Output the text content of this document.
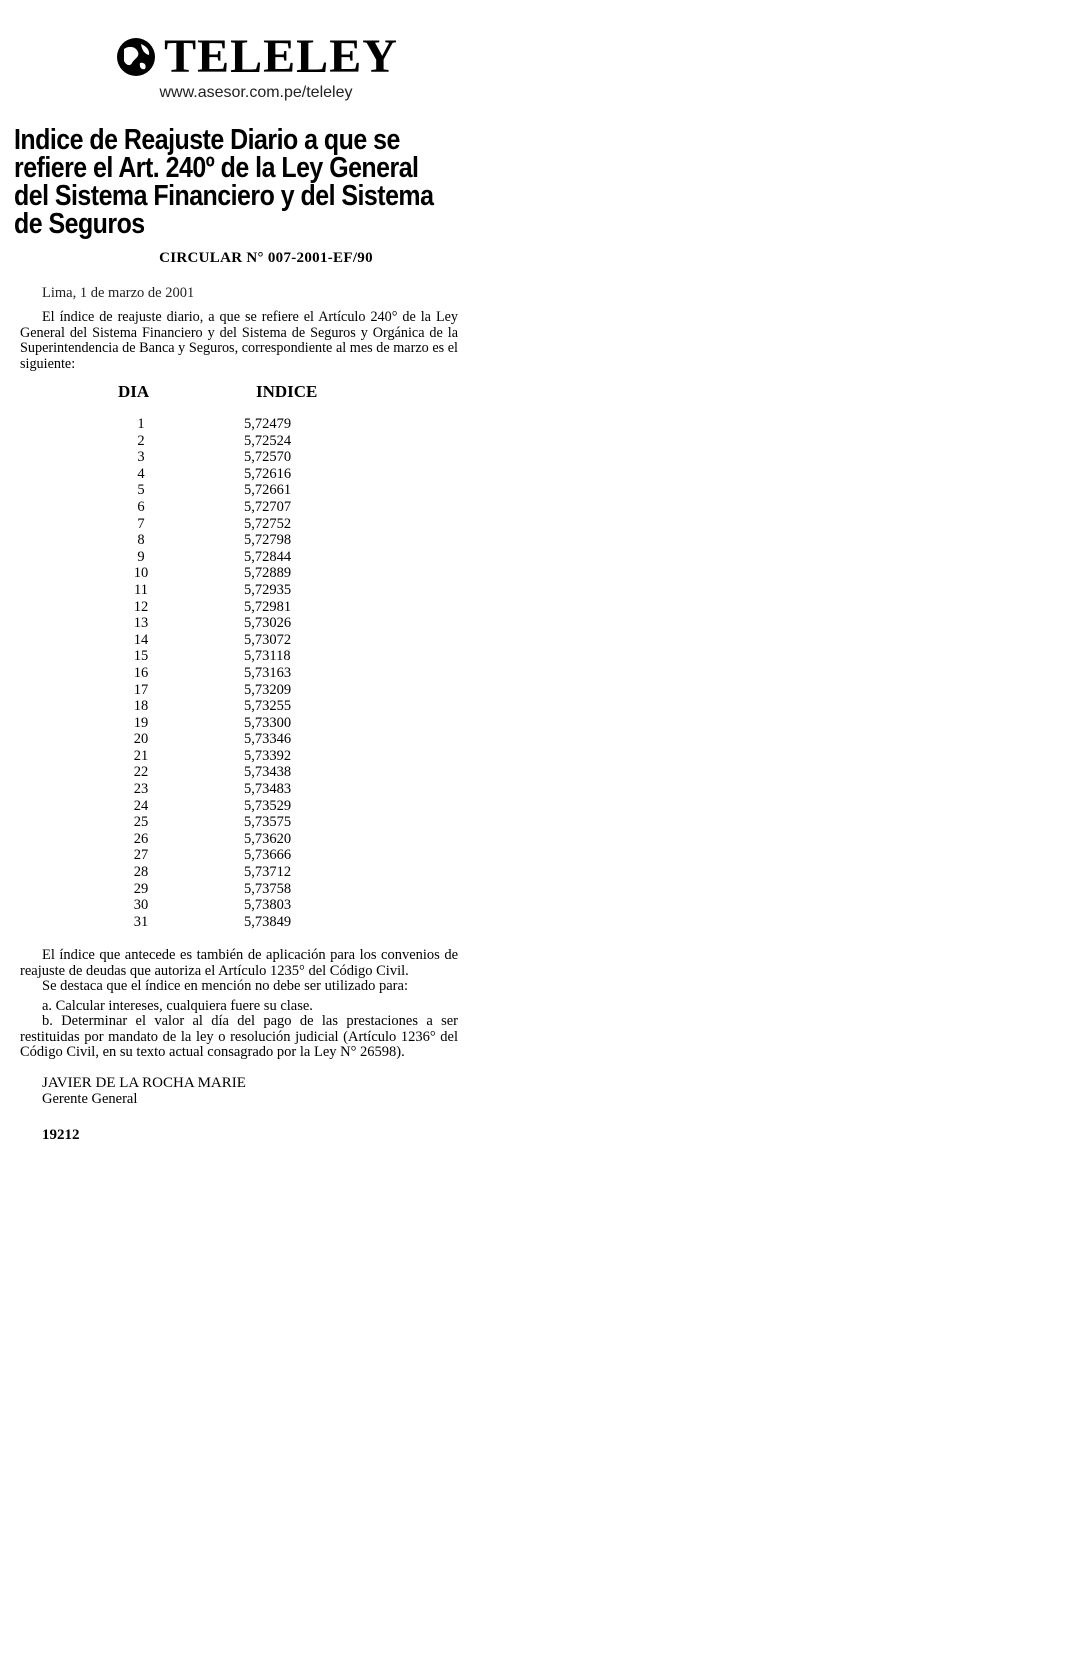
TELELEY
www.asesor.com.pe/teleley
Indice de Reajuste Diario a que se refiere el Art. 240º de la Ley General del Sistema Financiero y del Sistema de Seguros
CIRCULAR N° 007-2001-EF/90
Lima, 1 de marzo de 2001
El índice de reajuste diario, a que se refiere el Artículo 240° de la Ley General del Sistema Financiero y del Sistema de Seguros y Orgánica de la Superintendencia de Banca y Seguros, correspondiente al mes de marzo es el siguiente:
DIA	INDICE
1	5,72479
2	5,72524
3	5,72570
4	5,72616
5	5,72661
6	5,72707
7	5,72752
8	5,72798
9	5,72844
10	5,72889
11	5,72935
12	5,72981
13	5,73026
14	5,73072
15	5,73118
16	5,73163
17	5,73209
18	5,73255
19	5,73300
20	5,73346
21	5,73392
22	5,73438
23	5,73483
24	5,73529
25	5,73575
26	5,73620
27	5,73666
28	5,73712
29	5,73758
30	5,73803
31	5,73849

El índice que antecede es también de aplicación para los convenios de reajuste de deudas que autoriza el Artículo 1235° del Código Civil.

Se destaca que el índice en mención no debe ser utilizado para:

a. Calcular intereses, cualquiera fuere su clase.

b. Determinar el valor al día del pago de las prestaciones a ser restituidas por mandato de la ley o resolución judicial (Artículo 1236° del Código Civil, en su texto actual consagrado por la Ley N° 26598).

JAVIER DE LA ROCHA MARIE
Gerente General
19212
